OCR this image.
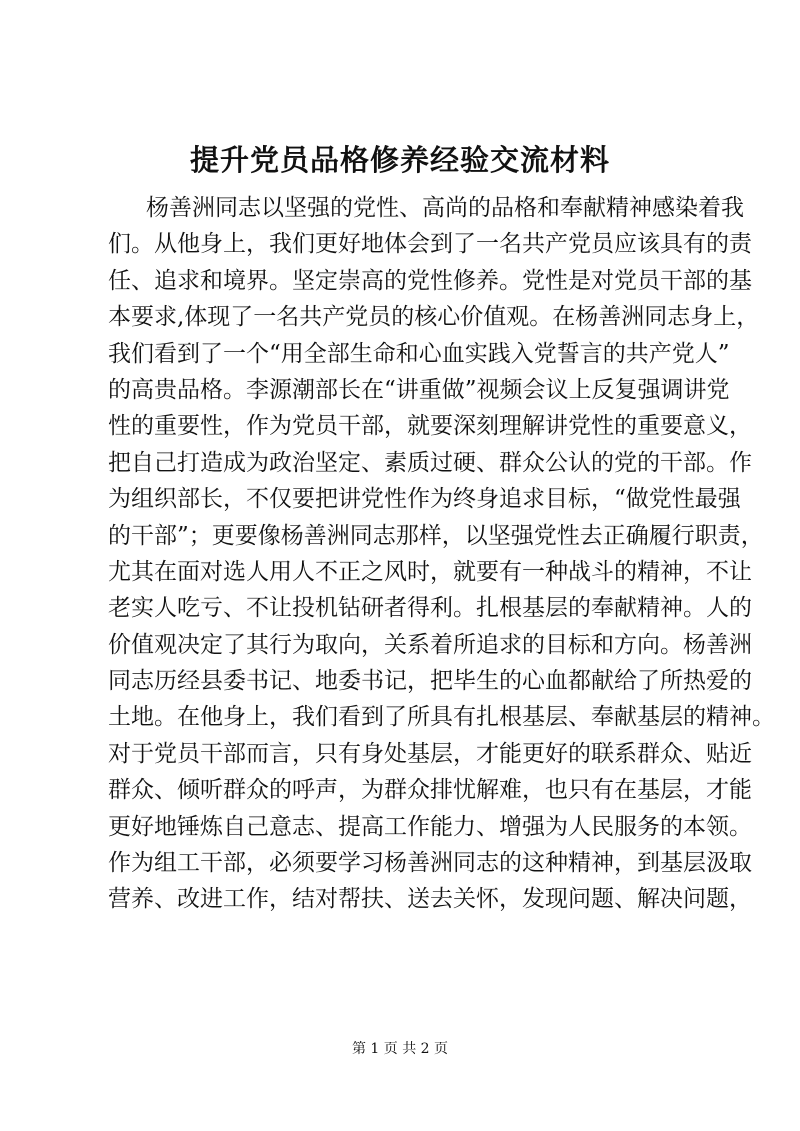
提升党员品格修养经验交流材料
杨善洲同志以坚强的党性、高尚的品格和奉献精神感染着我
们。从他身上，我们更好地体会到了一名共产党员应该具有的责
任、追求和境界。坚定崇高的党性修养。党性是对党员干部的基
本要求,体现了一名共产党员的核心价值观。在杨善洲同志身上，
我们看到了一个“用全部生命和心血实践入党誓言的共产党人”
的高贵品格。李源潮部长在“讲重做”视频会议上反复强调讲党
性的重要性，作为党员干部，就要深刻理解讲党性的重要意义，
把自己打造成为政治坚定、素质过硬、群众公认的党的干部。作
为组织部长，不仅要把讲党性作为终身追求目标，“做党性最强
的干部”；更要像杨善洲同志那样，以坚强党性去正确履行职责，
尤其在面对选人用人不正之风时，就要有一种战斗的精神，不让
老实人吃亏、不让投机钻研者得利。扎根基层的奉献精神。人的
价值观决定了其行为取向，关系着所追求的目标和方向。杨善洲
同志历经县委书记、地委书记，把毕生的心血都献给了所热爱的
土地。在他身上，我们看到了所具有扎根基层、奉献基层的精神。
对于党员干部而言，只有身处基层，才能更好的联系群众、贴近
群众、倾听群众的呼声，为群众排忧解难，也只有在基层，才能
更好地锤炼自己意志、提高工作能力、增强为人民服务的本领。
作为组工干部，必须要学习杨善洲同志的这种精神，到基层汲取
营养、改进工作，结对帮扶、送去关怀，发现问题、解决问题，
第 1 页 共 2 页
